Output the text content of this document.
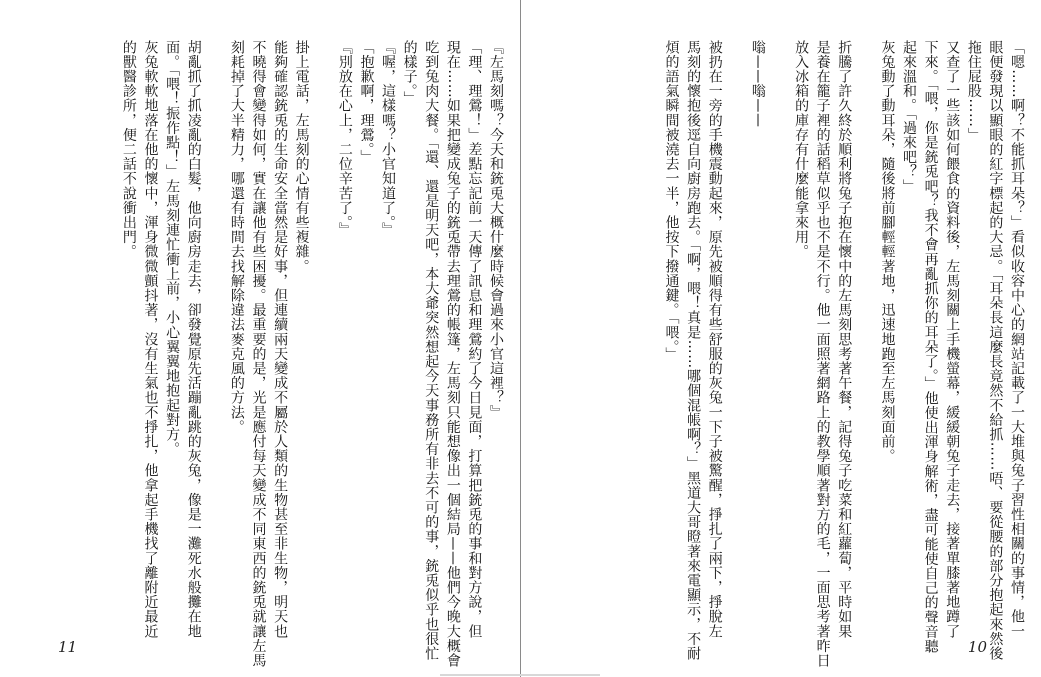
『左馬刻嗎？今天和銃兎大概什麼時候會過來小官這裡？』
「理、理鶯！」差點忘記前一天傳了訊息和理鶯約了今日見面，打算把銃兎的事和對方說，但
現在……如果把變成兔子的銃兎帶去理鶯的帳篷，左馬刻只能想像出一個結局——他們今晚大概會
吃到兔肉大餐。「還、還是明天吧，本大爺突然想起今天事務所有非去不可的事，銃兎似乎也很忙
的樣子。」
『喔，這樣嗎？小官知道了。』
「抱歉啊，理鶯。」
『別放在心上，二位辛苦了。』

掛上電話，左馬刻的心情有些複雜。
能夠確認銃兎的生命安全當然是好事，但連續兩天變成不屬於人類的生物甚至非生物，明天也
不曉得會變得如何，實在讓他有些困擾。最重要的是，光是應付每天變成不同東西的銃兎就讓左馬
刻耗掉了大半精力，哪還有時間去找解除違法麥克風的方法。

胡亂抓了抓凌亂的白髮，他向廚房走去，卻發覺原先活蹦亂跳的灰兔，像是一灘死水般攤在地
面。「喂！振作點！」左馬刻連忙衝上前，小心翼翼地抱起對方。
灰兔軟軟地落在他的懷中，渾身微微顫抖著，沒有生氣也不掙扎，他拿起手機找了離附近最近
的獸醫診所，便二話不說衝出門。
11
「嗯……啊？不能抓耳朵？」看似收容中心的網站記載了一大堆與兔子習性相關的事情，他一
眼便發現以顯眼的紅字標起的大忌。「耳朵長這麼長竟然不給抓……唔、要從腰的部分抱起來然後
拖住屁股……」
又查了一些該如何餵食的資料後，左馬刻關上手機螢幕，緩緩朝兔子走去，接著單膝著地蹲了
下來。「喂，你是銃兎吧？我不會再亂抓你的耳朵了。」他使出渾身解術，盡可能使自己的聲音聽
起來溫和。「過來吧？」
灰兔動了動耳朵，隨後將前腳輕輕著地，迅速地跑至左馬刻面前。

折騰了許久終於順利將兔子抱在懷中的左馬刻思考著午餐，記得兔子吃菜和紅蘿蔔，平時如果
是養在籠子裡的話稻草似乎也不是不行。他一面照著網路上的教學順著對方的毛，一面思考著昨日
放入冰箱的庫存有什麼能拿來用。

嗡——嗡——

被扔在一旁的手機震動起來，原先被順得有些舒服的灰兔一下子被驚醒，掙扎了兩下，掙脫左
馬刻的懷抱後逕自向廚房跑去。「啊，喂！真是……哪個混帳啊？」黑道大哥瞪著來電顯示，不耐
煩的語氣瞬間被澆去一半，他按下撥通鍵。「喂。」
10
